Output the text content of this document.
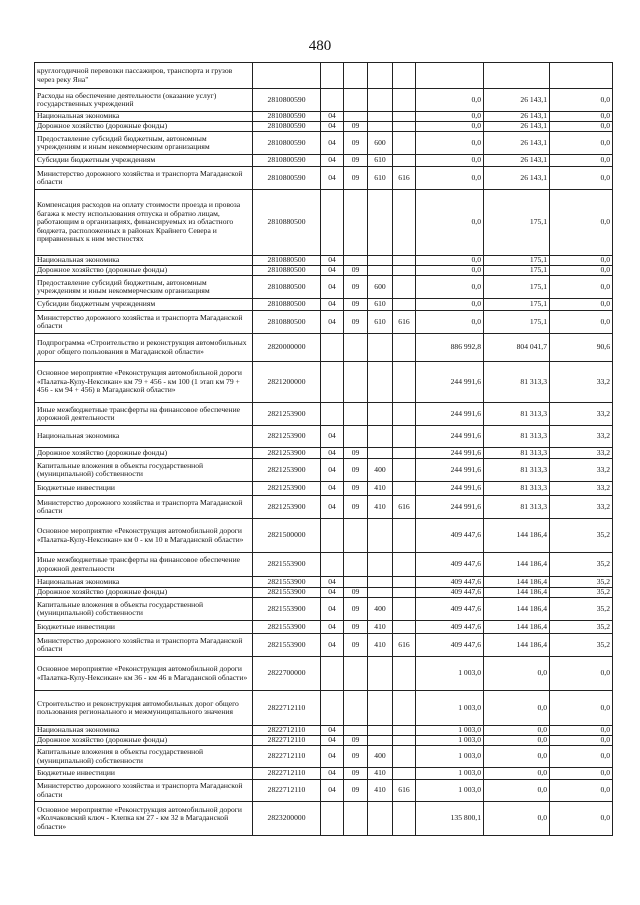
480
круглогодичной перевозки пассажиров, транспорта и грузов через реку Яна"								
Расходы на обеспечение деятельности (оказание услуг) государственных учреждений	2810800590					0,0	26 143,1	0,0
Национальная экономика	2810800590	04				0,0	26 143,1	0,0
Дорожное хозяйство (дорожные фонды)	2810800590	04	09			0,0	26 143,1	0,0
Предоставление субсидий бюджетным, автономным учреждениям и иным некоммерческим организациям	2810800590	04	09	600		0,0	26 143,1	0,0
Субсидии бюджетным учреждениям	2810800590	04	09	610		0,0	26 143,1	0,0
Министерство дорожного хозяйства и транспорта Магаданской области	2810800590	04	09	610	616	0,0	26 143,1	0,0
Компенсация расходов на оплату стоимости проезда и провоза багажа к месту использования отпуска и обратно лицам, работающим в организациях, финансируемых из областного бюджета, расположенных в районах Крайнего Севера и приравненных к ним местностях	2810880500					0,0	175,1	0,0
Национальная экономика	2810880500	04				0,0	175,1	0,0
Дорожное хозяйство (дорожные фонды)	2810880500	04	09			0,0	175,1	0,0
Предоставление субсидий бюджетным, автономным учреждениям и иным некоммерческим организациям	2810880500	04	09	600		0,0	175,1	0,0
Субсидии бюджетным учреждениям	2810880500	04	09	610		0,0	175,1	0,0
Министерство дорожного хозяйства и транспорта Магаданской области	2810880500	04	09	610	616	0,0	175,1	0,0
Подпрограмма «Строительство и реконструкция автомобильных дорог общего пользования в Магаданской области»	2820000000					886 992,8	804 041,7	90,6
Основное мероприятие «Реконструкция автомобильной дороги «Палатка-Кулу-Нексикан» км 79 + 456 - км 100 (1 этап км 79 + 456 - км 94 + 456) в Магаданской области»	2821200000					244 991,6	81 313,3	33,2
Иные межбюджетные трансферты на финансовое обеспечение дорожной деятельности	2821253900					244 991,6	81 313,3	33,2
Национальная экономика	2821253900	04				244 991,6	81 313,3	33,2
Дорожное хозяйство (дорожные фонды)	2821253900	04	09			244 991,6	81 313,3	33,2
Капитальные вложения в объекты государственной (муниципальной) собственности	2821253900	04	09	400		244 991,6	81 313,3	33,2
Бюджетные инвестиции	2821253900	04	09	410		244 991,6	81 313,3	33,2
Министерство дорожного хозяйства и транспорта Магаданской области	2821253900	04	09	410	616	244 991,6	81 313,3	33,2
Основное мероприятие «Реконструкция автомобильной дороги «Палатка-Кулу-Нексикан» км 0 - км 10 в Магаданской области»	2821500000					409 447,6	144 186,4	35,2
Иные межбюджетные трансферты на финансовое обеспечение дорожной деятельности	2821553900					409 447,6	144 186,4	35,2
Национальная экономика	2821553900	04				409 447,6	144 186,4	35,2
Дорожное хозяйство (дорожные фонды)	2821553900	04	09			409 447,6	144 186,4	35,2
Капитальные вложения в объекты государственной (муниципальной) собственности	2821553900	04	09	400		409 447,6	144 186,4	35,2
Бюджетные инвестиции	2821553900	04	09	410		409 447,6	144 186,4	35,2
Министерство дорожного хозяйства и транспорта Магаданской области	2821553900	04	09	410	616	409 447,6	144 186,4	35,2
Основное мероприятие «Реконструкция автомобильной дороги «Палатка-Кулу-Нексикан» км 36 - км 46 в Магаданской области»	2822700000					1 003,0	0,0	0,0
Строительство и реконструкция автомобильных дорог общего пользования регионального и межмуниципального значения	2822712110					1 003,0	0,0	0,0
Национальная экономика	2822712110	04				1 003,0	0,0	0,0
Дорожное хозяйство (дорожные фонды)	2822712110	04	09			1 003,0	0,0	0,0
Капитальные вложения в объекты государственной (муниципальной) собственности	2822712110	04	09	400		1 003,0	0,0	0,0
Бюджетные инвестиции	2822712110	04	09	410		1 003,0	0,0	0,0
Министерство дорожного хозяйства и транспорта Магаданской области	2822712110	04	09	410	616	1 003,0	0,0	0,0
Основное мероприятие «Реконструкция автомобильной дороги «Колчаковский ключ - Клепка км 27 - км 32 в Магаданской области»	2823200000					135 800,1	0,0	0,0
